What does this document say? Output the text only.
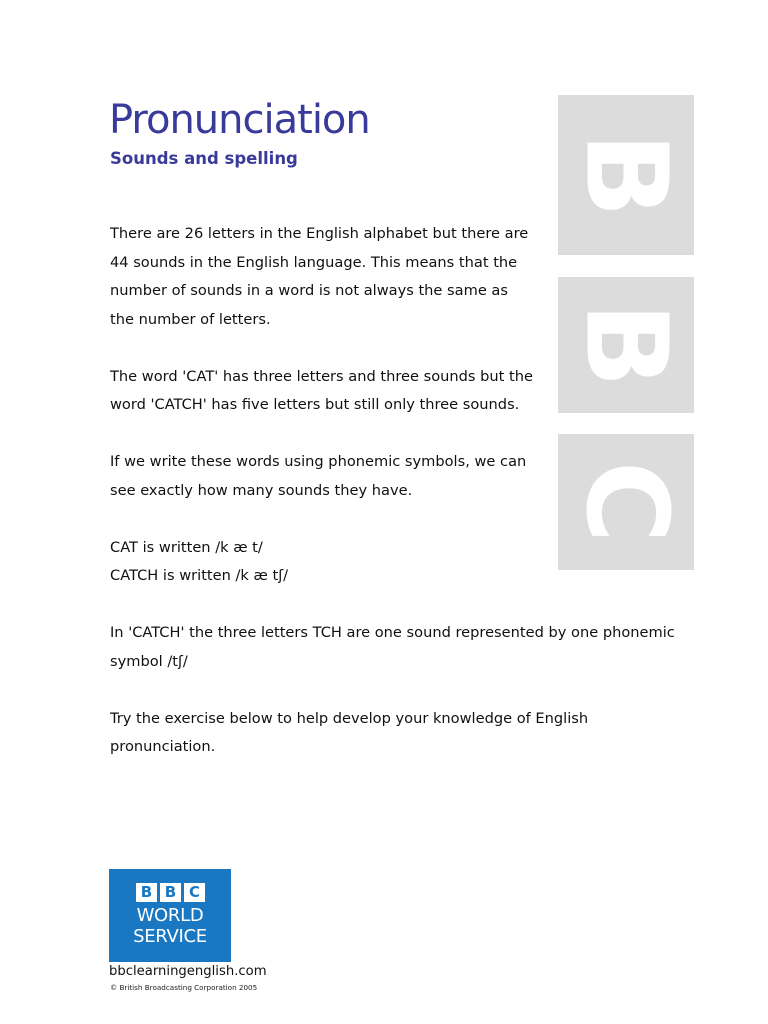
Pronunciation
Sounds and spelling

There are 26 letters in the English alphabet but there are
44 sounds in the English language. This means that the
number of sounds in a word is not always the same as
the number of letters.

The word 'CAT' has three letters and three sounds but the
word 'CATCH' has five letters but still only three sounds.

If we write these words using phonemic symbols, we can
see exactly how many sounds they have.

CAT is written /k æ t/
CATCH is written /k æ tʃ/

In 'CATCH' the three letters TCH are one sound represented by one phonemic
symbol /tʃ/

Try the exercise below to help develop your knowledge of English
pronunciation.

B
B
C
B B C
WORLD
SERVICE

bbclearningenglish.com

© British Broadcasting Corporation 2005
